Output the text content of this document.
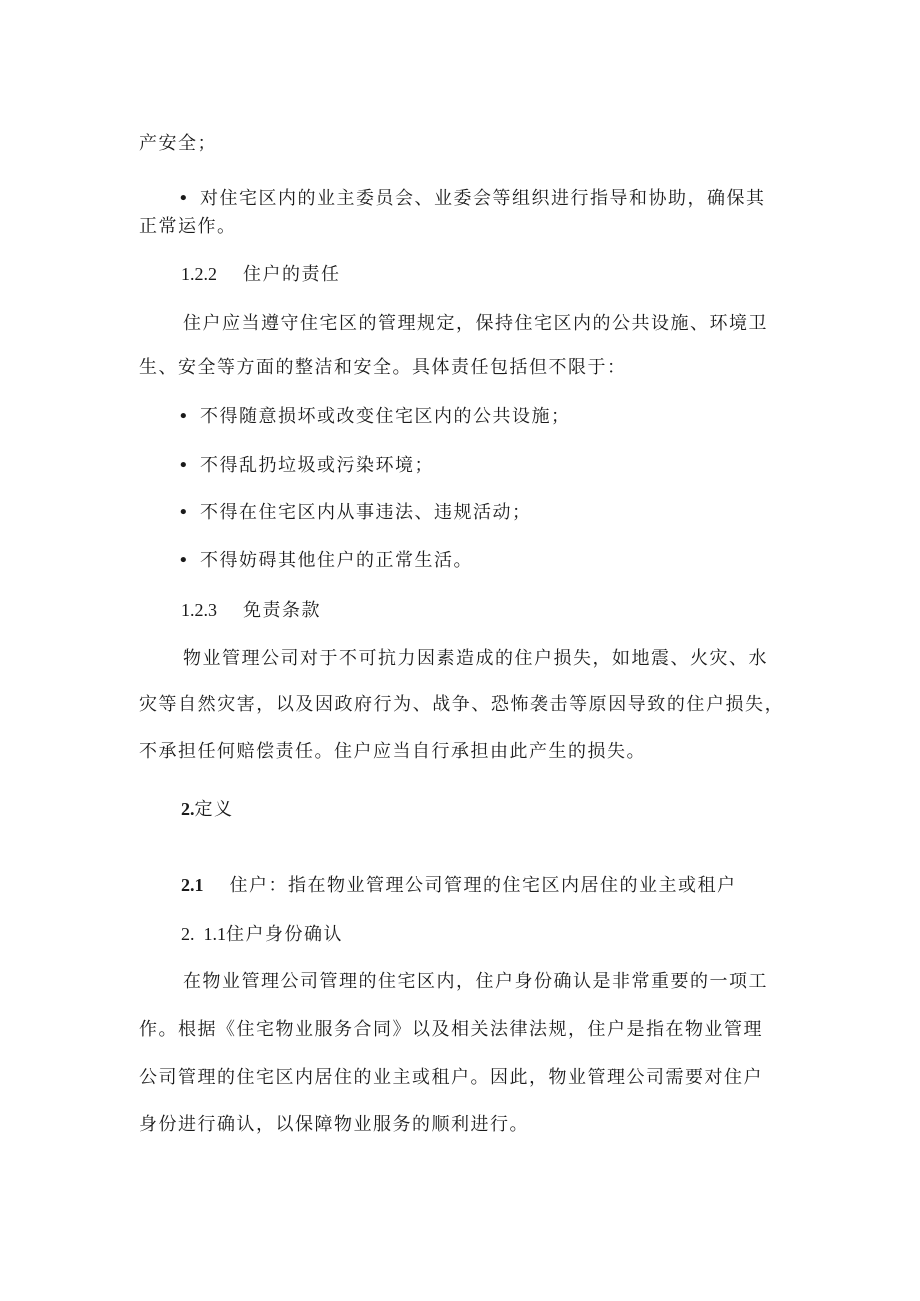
产安全；
• 对住宅区内的业主委员会、业委会等组织进行指导和协助，确保其
正常运作。
1.2.2 住户的责任
住户应当遵守住宅区的管理规定，保持住宅区内的公共设施、环境卫
生、安全等方面的整洁和安全。具体责任包括但不限于：
• 不得随意损坏或改变住宅区内的公共设施；
• 不得乱扔垃圾或污染环境；
• 不得在住宅区内从事违法、违规活动；
• 不得妨碍其他住户的正常生活。
1.2.3 免责条款
物业管理公司对于不可抗力因素造成的住户损失，如地震、火灾、水
灾等自然灾害，以及因政府行为、战争、恐怖袭击等原因导致的住户损失，
不承担任何赔偿责任。住户应当自行承担由此产生的损失。
2.定义
2.1 住户：指在物业管理公司管理的住宅区内居住的业主或租户
2.  1.1住户身份确认
在物业管理公司管理的住宅区内，住户身份确认是非常重要的一项工
作。根据《住宅物业服务合同》以及相关法律法规，住户是指在物业管理
公司管理的住宅区内居住的业主或租户。因此，物业管理公司需要对住户
身份进行确认，以保障物业服务的顺利进行。
